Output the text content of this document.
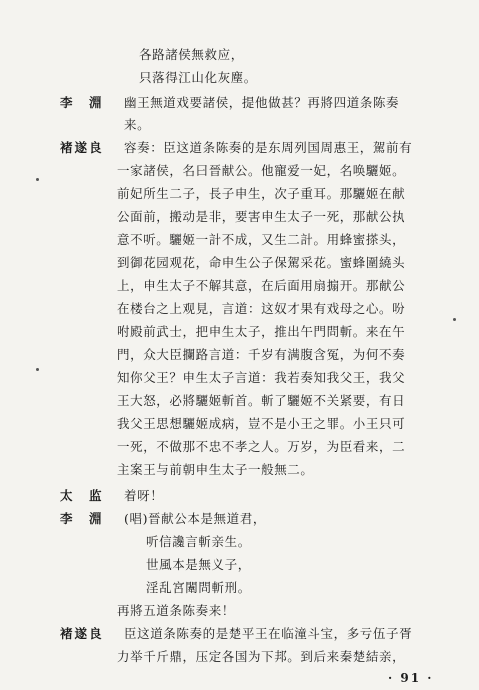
各路諸侯無救应，
只落得江山化灰塵。
李　淵 幽王無道戏要諸侯，提他做甚？再將四道条陈奏
来。
褚遂良 容奏：臣这道条陈奏的是东周列国周惠王，駕前有
一家諸侯，名曰晉献公。他寵爱一妃，名唤驪姬。
前妃所生二子，長子申生，次子重耳。那驪姬在献
公面前，搬动是非，要害申生太子一死，那献公执
意不听。驪姬一計不成，又生二計。用蜂蜜搽头，
到御花园观花，命申生公子保駕采花。蜜蜂圍繞头
上，申生太子不解其意，在后面用扇搧开。那献公
在楼台之上观見，言道：这奴才果有戏母之心。吩
咐殿前武士，把申生太子，推出午門問斬。来在午
門，众大臣攔路言道：千岁有满腹含冤，为何不奏
知你父王？申生太子言道：我若奏知我父王，我父
王大怒，必將驪姬斬首。斬了驪姬不关紧要，有日
我父王思想驪姬成病，豈不是小王之罪。小王只可
一死，不做那不忠不孝之人。万岁，为臣看来，二
主案王与前朝申生太子一般無二。
太　监 着呀！
李　淵 (唱)晉献公本是無道君，
听信讒言斬亲生。
世風本是無义子，
淫乱宮闈問斬刑。
再將五道条陈奏来！
褚遂良 臣这道条陈奏的是楚平王在临潼斗宝，多亏伍子胥
力举千斤鼎，压定各国为下邦。到后来秦楚結亲，
· 91 ·
